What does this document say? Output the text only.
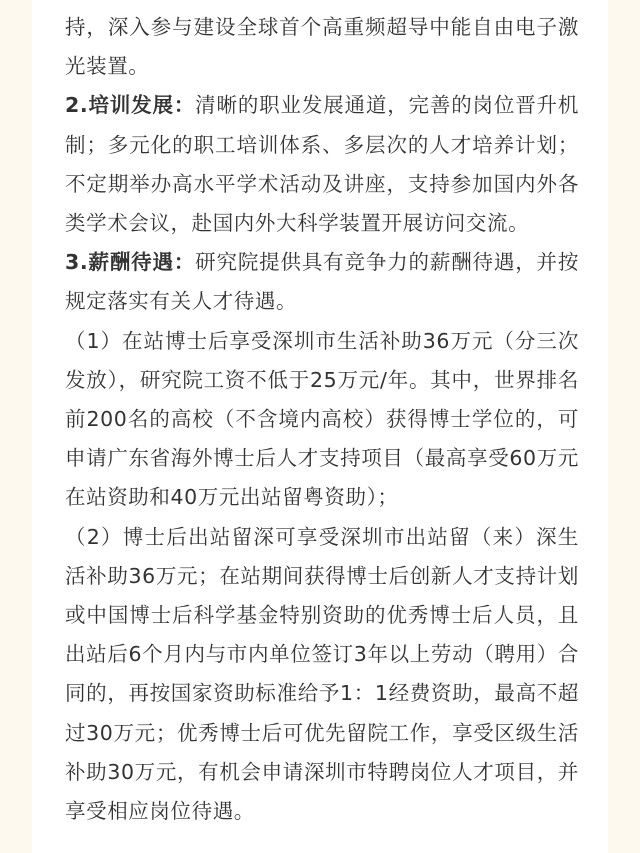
持，深入参与建设全球首个高重频超导中能自由电子激光装置。

2.培训发展：清晰的职业发展通道，完善的岗位晋升机制；多元化的职工培训体系、多层次的人才培养计划；不定期举办高水平学术活动及讲座，支持参加国内外各类学术会议，赴国内外大科学装置开展访问交流。

3.薪酬待遇：研究院提供具有竞争力的薪酬待遇，并按规定落实有关人才待遇。

（1）在站博士后享受深圳市生活补助36万元（分三次发放），研究院工资不低于25万元/年。其中，世界排名前200名的高校（不含境内高校）获得博士学位的，可申请广东省海外博士后人才支持项目（最高享受60万元在站资助和40万元出站留粤资助）；

（2）博士后出站留深可享受深圳市出站留（来）深生活补助36万元；在站期间获得博士后创新人才支持计划或中国博士后科学基金特别资助的优秀博士后人员，且出站后6个月内与市内单位签订3年以上劳动（聘用）合同的，再按国家资助标准给予1：1经费资助，最高不超过30万元；优秀博士后可优先留院工作，享受区级生活补助30万元，有机会申请深圳市特聘岗位人才项目，并享受相应岗位待遇。
